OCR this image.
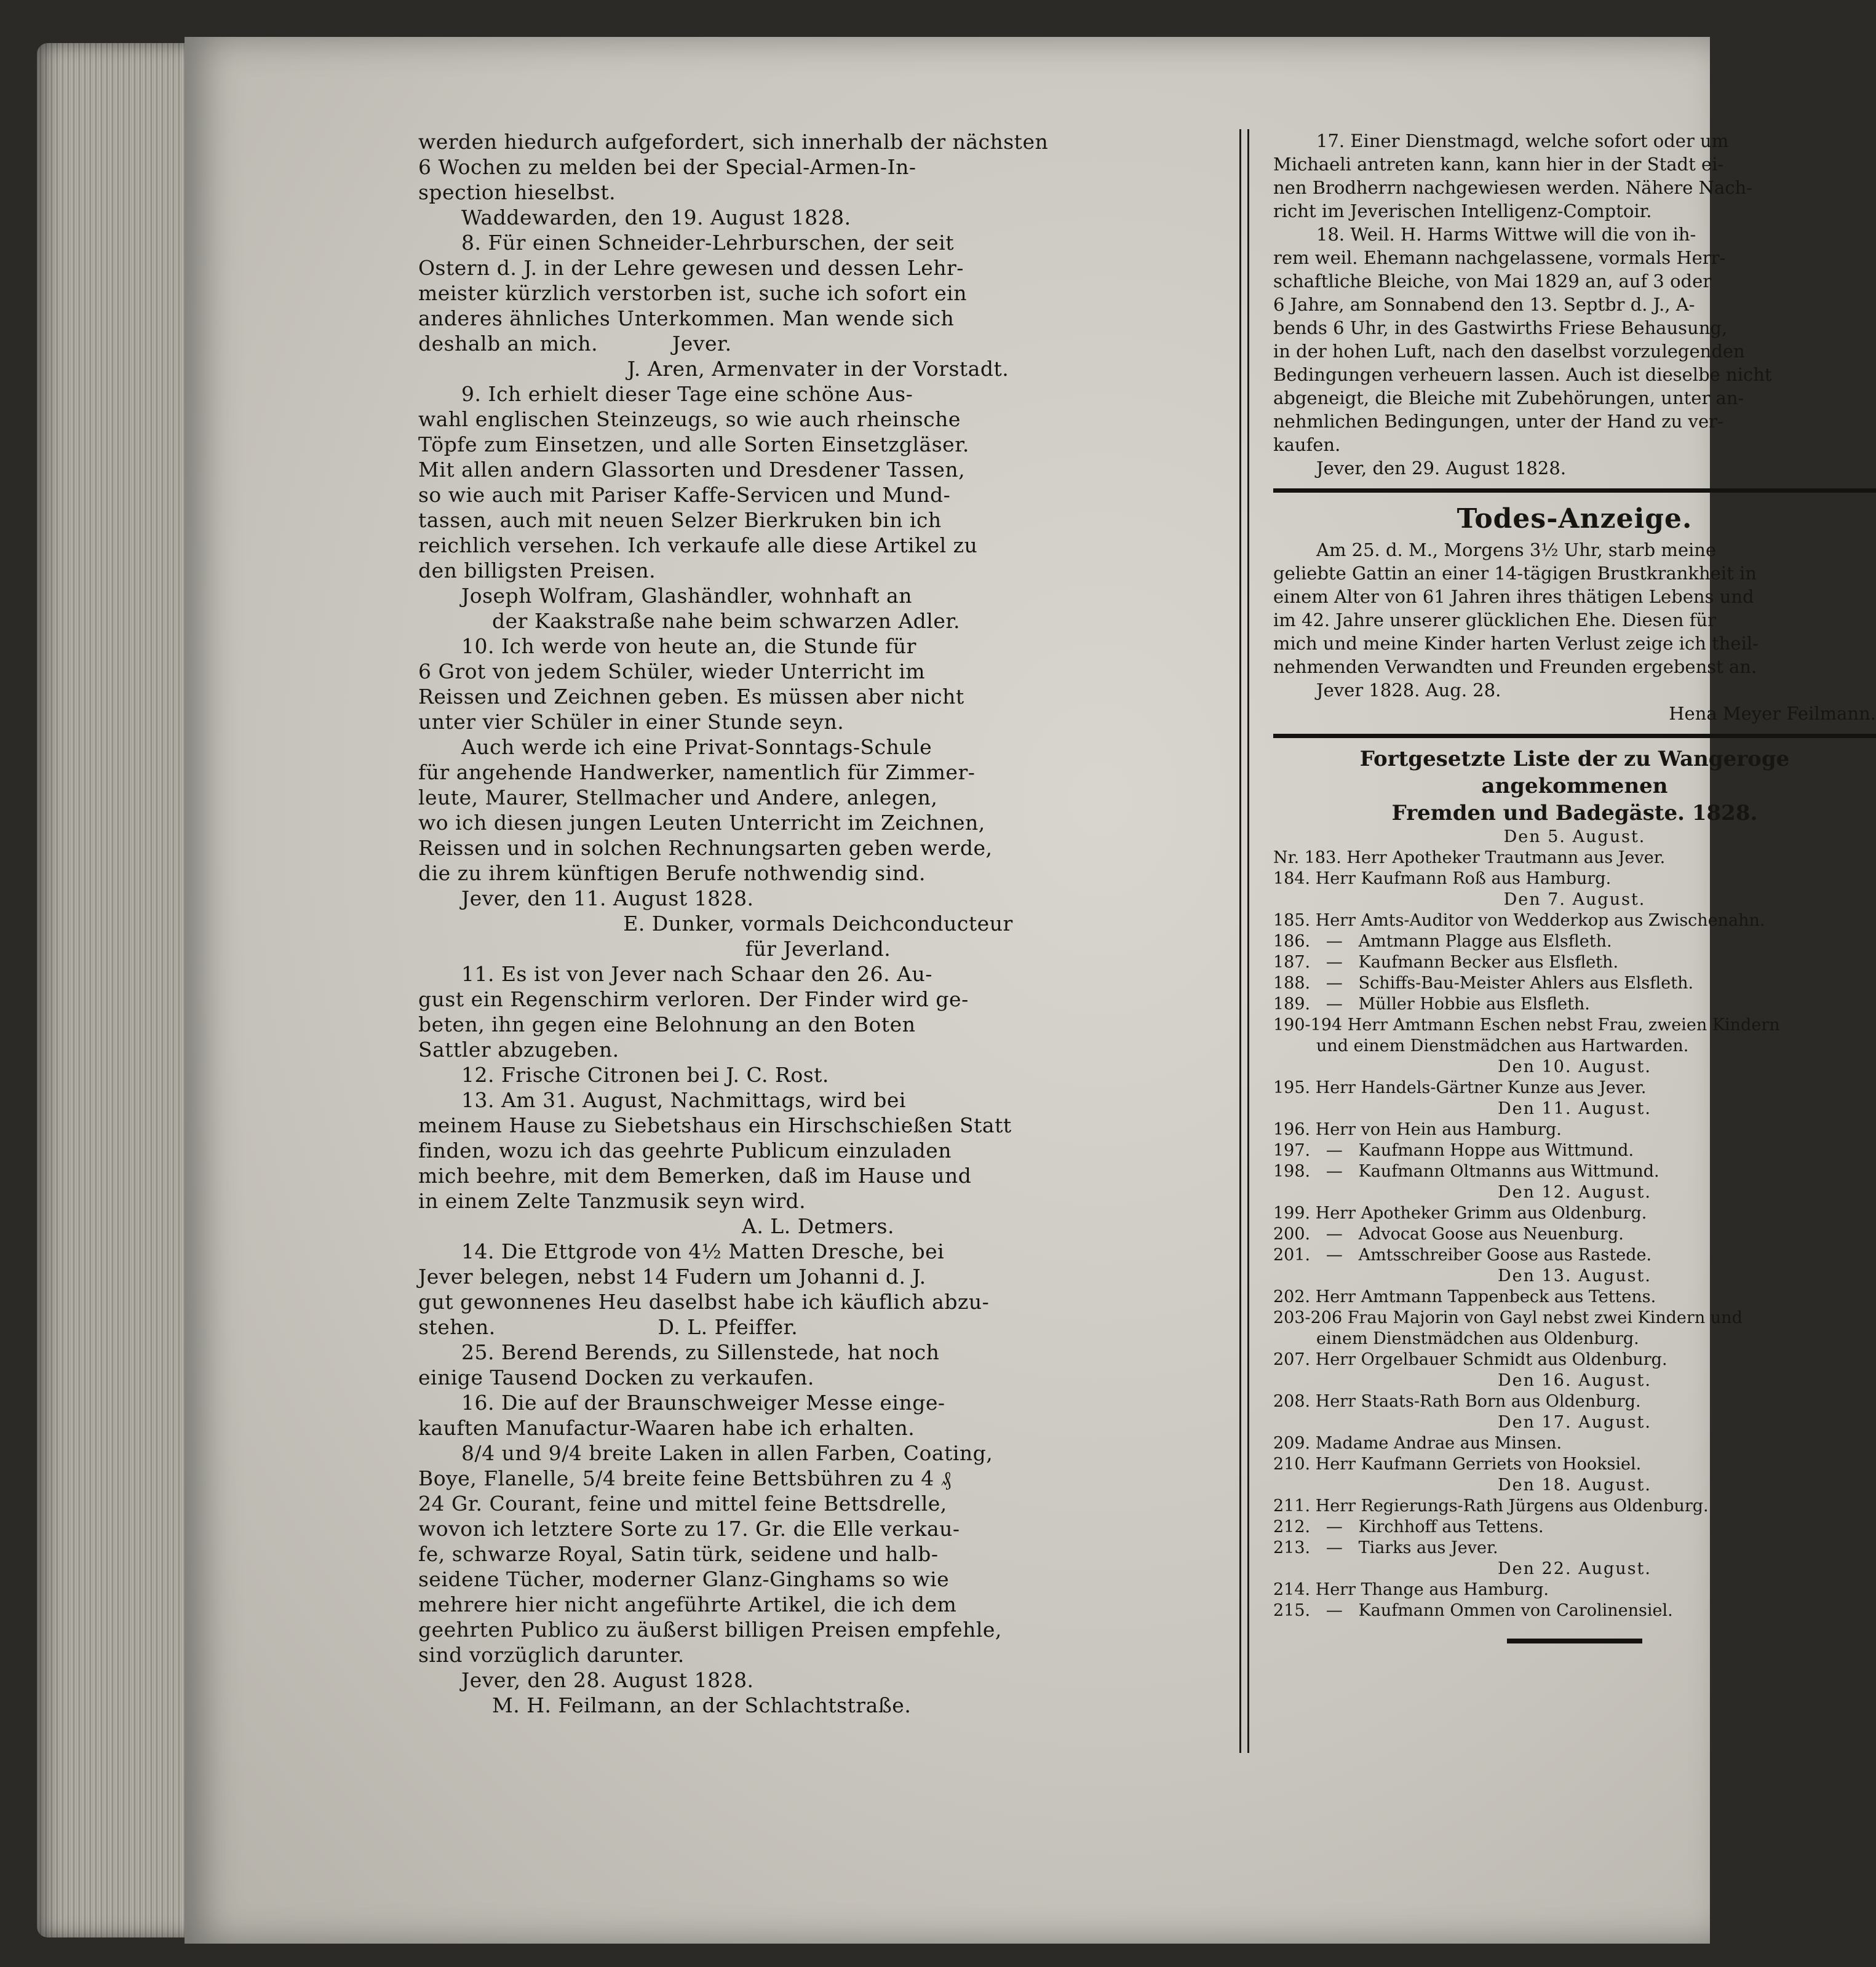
werden hiedurch aufgefordert, sich innerhalb der nächsten

6 Wochen zu melden bei der Special-Armen-In-

spection hieselbst.

Waddewarden, den 19. August 1828.

8. Für einen Schneider-Lehrburschen, der seit

Ostern d. J. in der Lehre gewesen und dessen Lehr-

meister kürzlich verstorben ist, suche ich sofort ein

anderes ähnliches Unterkommen. Man wende sich

deshalb an mich.           Jever.

J. Aren, Armenvater in der Vorstadt.

9. Ich erhielt dieser Tage eine schöne Aus-

wahl englischen Steinzeugs, so wie auch rheinsche

Töpfe zum Einsetzen, und alle Sorten Einsetzgläser.

Mit allen andern Glassorten und Dresdener Tassen,

so wie auch mit Pariser Kaffe-Servicen und Mund-

tassen, auch mit neuen Selzer Bierkruken bin ich

reichlich versehen. Ich verkaufe alle diese Artikel zu

den billigsten Preisen.

Joseph Wolfram, Glashändler, wohnhaft an

der Kaakstraße nahe beim schwarzen Adler.

10. Ich werde von heute an, die Stunde für

6 Grot von jedem Schüler, wieder Unterricht im

Reissen und Zeichnen geben. Es müssen aber nicht

unter vier Schüler in einer Stunde seyn.

Auch werde ich eine Privat-Sonntags-Schule

für angehende Handwerker, namentlich für Zimmer-

leute, Maurer, Stellmacher und Andere, anlegen,

wo ich diesen jungen Leuten Unterricht im Zeichnen,

Reissen und in solchen Rechnungsarten geben werde,

die zu ihrem künftigen Berufe nothwendig sind.

Jever, den 11. August 1828.

E. Dunker, vormals Deichconducteur

für Jeverland.

11. Es ist von Jever nach Schaar den 26. Au-

gust ein Regenschirm verloren. Der Finder wird ge-

beten, ihn gegen eine Belohnung an den Boten

Sattler abzugeben.

12. Frische Citronen bei J. C. Rost.

13. Am 31. August, Nachmittags, wird bei

meinem Hause zu Siebetshaus ein Hirschschießen Statt

finden, wozu ich das geehrte Publicum einzuladen

mich beehre, mit dem Bemerken, daß im Hause und

in einem Zelte Tanzmusik seyn wird.

A. L. Detmers.

14. Die Ettgrode von 4½ Matten Dresche, bei

Jever belegen, nebst 14 Fudern um Johanni d. J.

gut gewonnenes Heu daselbst habe ich käuflich abzu-

stehen.                        D. L. Pfeiffer.

25. Berend Berends, zu Sillenstede, hat noch

einige Tausend Docken zu verkaufen.

16. Die auf der Braunschweiger Messe einge-

kauften Manufactur-Waaren habe ich erhalten.

8/4 und 9/4 breite Laken in allen Farben, Coating,

Boye, Flanelle, 5/4 breite feine Bettsbühren zu 4 ₰

24 Gr. Courant, feine und mittel feine Bettsdrelle,

wovon ich letztere Sorte zu 17. Gr. die Elle verkau-

fe, schwarze Royal, Satin türk, seidene und halb-

seidene Tücher, moderner Glanz-Ginghams so wie

mehrere hier nicht angeführte Artikel, die ich dem

geehrten Publico zu äußerst billigen Preisen empfehle,

sind vorzüglich darunter.

Jever, den 28. August 1828.

M. H. Feilmann, an der Schlachtstraße.

17. Einer Dienstmagd, welche sofort oder um

Michaeli antreten kann, kann hier in der Stadt ei-

nen Brodherrn nachgewiesen werden. Nähere Nach-

richt im Jeverischen Intelligenz-Comptoir.

18. Weil. H. Harms Wittwe will die von ih-

rem weil. Ehemann nachgelassene, vormals Herr-

schaftliche Bleiche, von Mai 1829 an, auf 3 oder

6 Jahre, am Sonnabend den 13. Septbr d. J., A-

bends 6 Uhr, in des Gastwirths Friese Behausung,

in der hohen Luft, nach den daselbst vorzulegenden

Bedingungen verheuern lassen. Auch ist dieselbe nicht

abgeneigt, die Bleiche mit Zubehörungen, unter an-

nehmlichen Bedingungen, unter der Hand zu ver-

kaufen.

Jever, den 29. August 1828.

Todes-Anzeige.

Am 25. d. M., Morgens 3½ Uhr, starb meine

geliebte Gattin an einer 14-tägigen Brustkrankheit in

einem Alter von 61 Jahren ihres thätigen Lebens und

im 42. Jahre unserer glücklichen Ehe. Diesen für

mich und meine Kinder harten Verlust zeige ich theil-

nehmenden Verwandten und Freunden ergebenst an.

Jever 1828. Aug. 28.

Hena Meyer Feilmann.

Fortgesetzte Liste der zu Wangeroge angekommenen
Fremden und Badegäste. 1828.
Den 5. August.
Nr. 183. Herr Apotheker Trautmann aus Jever.
184. Herr Kaufmann Roß aus Hamburg.
Den 7. August.
185. Herr Amts-Auditor von Wedderkop aus Zwischenahn.
186.   —   Amtmann Plagge aus Elsfleth.
187.   —   Kaufmann Becker aus Elsfleth.
188.   —   Schiffs-Bau-Meister Ahlers aus Elsfleth.
189.   —   Müller Hobbie aus Elsfleth.
190-194 Herr Amtmann Eschen nebst Frau, zweien Kindern
und einem Dienstmädchen aus Hartwarden.
Den 10. August.
195. Herr Handels-Gärtner Kunze aus Jever.
Den 11. August.
196. Herr von Hein aus Hamburg.
197.   —   Kaufmann Hoppe aus Wittmund.
198.   —   Kaufmann Oltmanns aus Wittmund.
Den 12. August.
199. Herr Apotheker Grimm aus Oldenburg.
200.   —   Advocat Goose aus Neuenburg.
201.   —   Amtsschreiber Goose aus Rastede.
Den 13. August.
202. Herr Amtmann Tappenbeck aus Tettens.
203-206 Frau Majorin von Gayl nebst zwei Kindern und
einem Dienstmädchen aus Oldenburg.
207. Herr Orgelbauer Schmidt aus Oldenburg.
Den 16. August.
208. Herr Staats-Rath Born aus Oldenburg.
Den 17. August.
209. Madame Andrae aus Minsen.
210. Herr Kaufmann Gerriets von Hooksiel.
Den 18. August.
211. Herr Regierungs-Rath Jürgens aus Oldenburg.
212.   —   Kirchhoff aus Tettens.
213.   —   Tiarks aus Jever.
Den 22. August.
214. Herr Thange aus Hamburg.
215.   —   Kaufmann Ommen von Carolinensiel.
